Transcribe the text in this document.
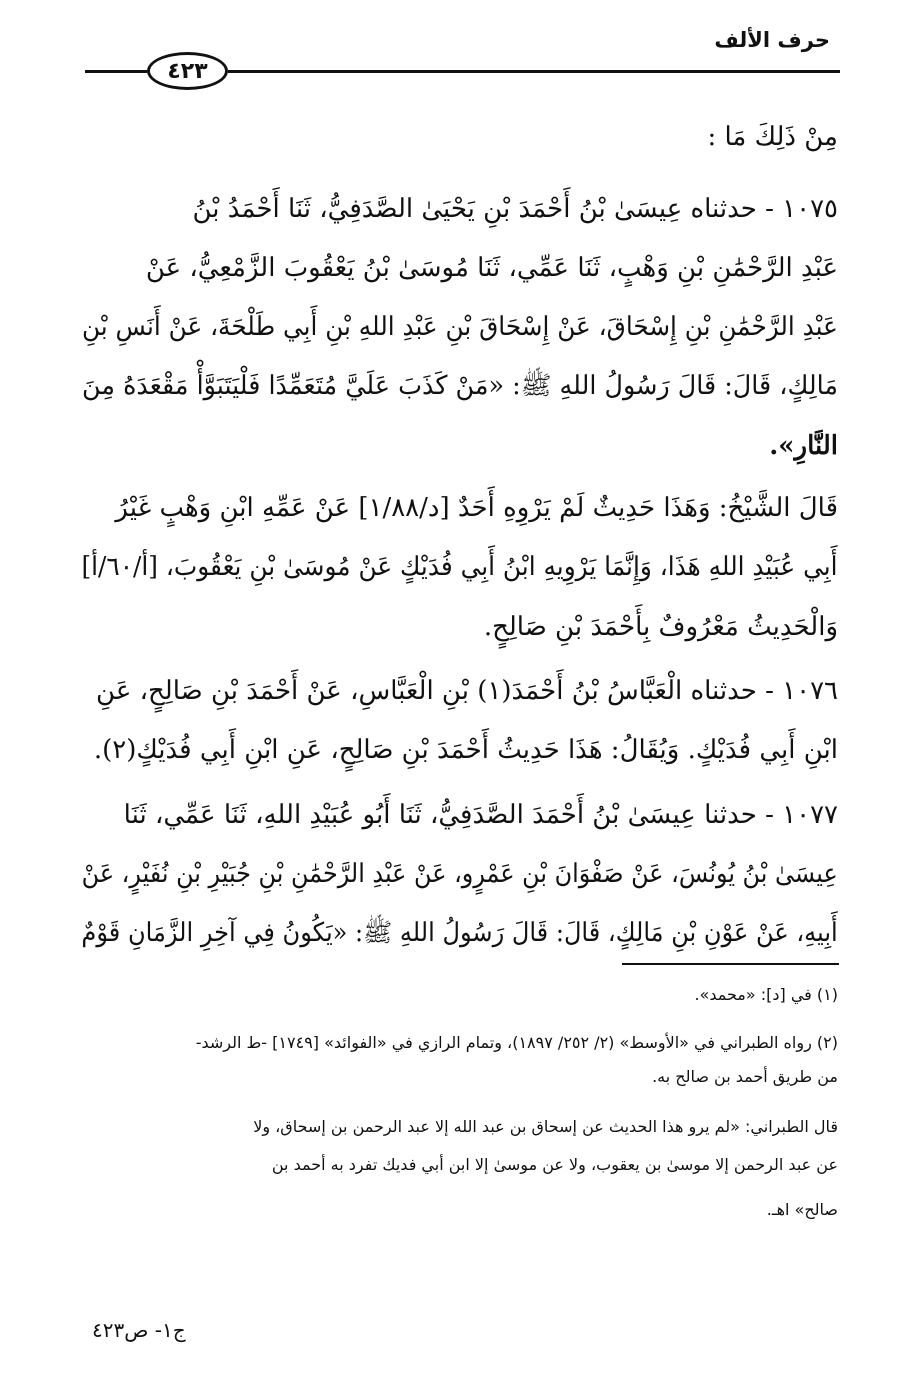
حرف الألف
٤٢٣
مِنْ ذَلِكَ مَا :
١٠٧٥ - حدثناه عِيسَىٰ بْنُ أَحْمَدَ بْنِ يَحْيَىٰ الصَّدَفِيُّ، ثَنَا أَحْمَدُ بْنُ
عَبْدِ الرَّحْمَٰنِ بْنِ وَهْبٍ، ثَنَا عَمِّي، ثَنَا مُوسَىٰ بْنُ يَعْقُوبَ الزَّمْعِيُّ، عَنْ
عَبْدِ الرَّحْمَٰنِ بْنِ إِسْحَاقَ، عَنْ إِسْحَاقَ بْنِ عَبْدِ اللهِ بْنِ أَبِي طَلْحَةَ، عَنْ أَنَسِ بْنِ
مَالِكٍ، قَالَ: قَالَ رَسُولُ اللهِ ﷺ: «مَنْ كَذَبَ عَلَيَّ مُتَعَمِّدًا فَلْيَتَبَوَّأْ مَقْعَدَهُ مِنَ
النَّارِ».
قَالَ الشَّيْخُ: وَهَذَا حَدِيثٌ لَمْ يَرْوِهِ أَحَدٌ [د/١/٨٨] عَنْ عَمِّهِ ابْنِ وَهْبٍ غَيْرُ
أَبِي عُبَيْدِ اللهِ هَذَا، وَإِنَّمَا يَرْوِيهِ ابْنُ أَبِي فُدَيْكٍ عَنْ مُوسَىٰ بْنِ يَعْقُوبَ، [أ/٦٠/أ]
وَالْحَدِيثُ مَعْرُوفٌ بِأَحْمَدَ بْنِ صَالِحٍ.
١٠٧٦ - حدثناه الْعَبَّاسُ بْنُ أَحْمَدَ(١) بْنِ الْعَبَّاسِ، عَنْ أَحْمَدَ بْنِ صَالِحٍ، عَنِ
ابْنِ أَبِي فُدَيْكٍ. وَيُقَالُ: هَذَا حَدِيثُ أَحْمَدَ بْنِ صَالِحٍ، عَنِ ابْنِ أَبِي فُدَيْكٍ(٢).
١٠٧٧ - حدثنا عِيسَىٰ بْنُ أَحْمَدَ الصَّدَفِيُّ، ثَنَا أَبُو عُبَيْدِ اللهِ، ثَنَا عَمِّي، ثَنَا
عِيسَىٰ بْنُ يُونُسَ، عَنْ صَفْوَانَ بْنِ عَمْرٍو، عَنْ عَبْدِ الرَّحْمَٰنِ بْنِ جُبَيْرِ بْنِ نُفَيْرٍ، عَنْ
أَبِيهِ، عَنْ عَوْنِ بْنِ مَالِكٍ، قَالَ: قَالَ رَسُولُ اللهِ ﷺ: «يَكُونُ فِي آخِرِ الزَّمَانِ قَوْمٌ
(١) في [د]: «محمد».
(٢) رواه الطبراني في «الأوسط» (٢/ ٢٥٢/ ١٨٩٧)، وتمام الرازي في «الفوائد» [١٧٤٩] -ط الرشد-
من طريق أحمد بن صالح به.
قال الطبراني: «لم يرو هذا الحديث عن إسحاق بن عبد الله إلا عبد الرحمن بن إسحاق، ولا
عن عبد الرحمن إلا موسىٰ بن يعقوب، ولا عن موسىٰ إلا ابن أبي فديك تفرد به أحمد بن
صالح» اهـ.
ج١- ص٤٢٣
